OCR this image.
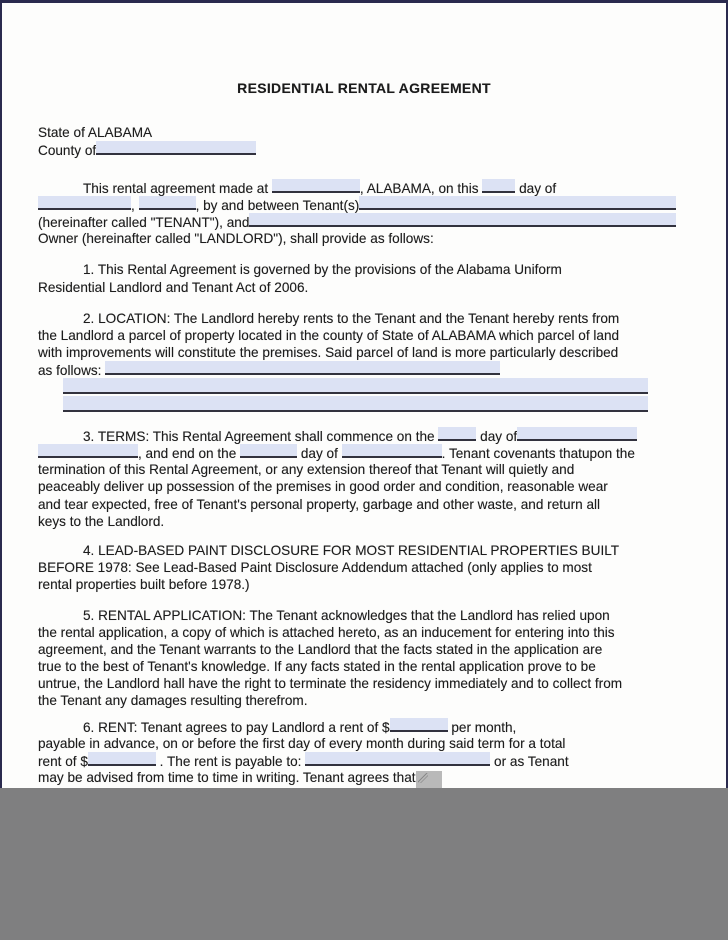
RESIDENTIAL RENTAL AGREEMENT
State of ALABAMA
County of
This rental agreement made at	, ALABAMA, on this day of
,	, by and between Tenant(s)
(hereinafter called "TENANT"), and
Owner (hereinafter called "LANDLORD"), shall provide as follows:
1. This Rental Agreement is governed by the provisions of the Alabama Uniform
Residential Landlord and Tenant Act of 2006.
2. LOCATION: The Landlord hereby rents to the Tenant and the Tenant hereby rents from
the Landlord a parcel of property located in the county of State of ALABAMA which parcel of land
with improvements will constitute the premises. Said parcel of land is more particularly described
as follows:
3. TERMS: This Rental Agreement shall commence on the	day of
, and end on the	day of	. Tenant covenants thatupon the
termination of this Rental Agreement, or any extension thereof that Tenant will quietly and
peaceably deliver up possession of the premises in good order and condition, reasonable wear
and tear expected, free of Tenant's personal property, garbage and other waste, and return all
keys to the Landlord.
4. LEAD-BASED PAINT DISCLOSURE FOR MOST RESIDENTIAL PROPERTIES BUILT
BEFORE 1978: See Lead-Based Paint Disclosure Addendum attached (only applies to most
rental properties built before 1978.)
5. RENTAL APPLICATION: The Tenant acknowledges that the Landlord has relied upon
the rental application, a copy of which is attached hereto, as an inducement for entering into this
agreement, and the Tenant warrants to the Landlord that the facts stated in the application are
true to the best of Tenant's knowledge. If any facts stated in the rental application prove to be
untrue, the Landlord hall have the right to terminate the residency immediately and to collect from
the Tenant any damages resulting therefrom.
6. RENT: Tenant agrees to pay Landlord a rent of $	per month,
payable in advance, on or before the first day of every month during said term for a total
rent of $	. The rent is payable to:	or as Tenant
may be advised from time to time in writing. Tenant agrees that
